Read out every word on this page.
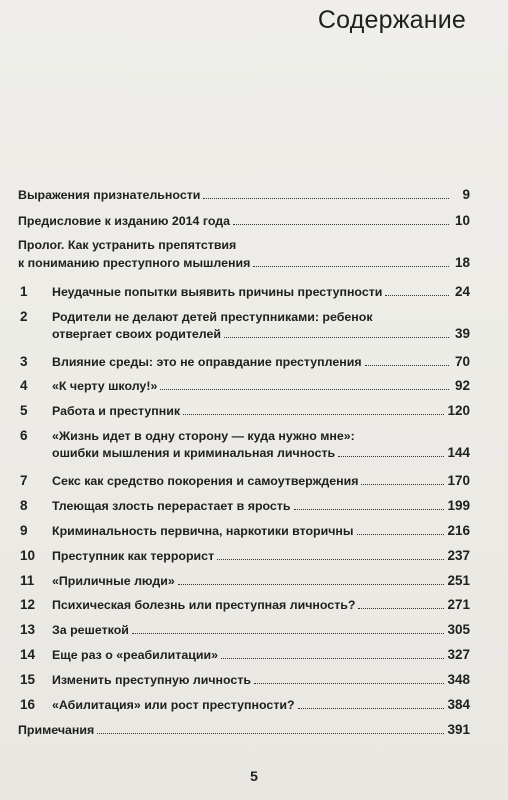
Содержание
Выражения признательности	9
Предисловие к изданию 2014 года	10
Пролог. Как устранить препятствия
к пониманию преступного мышления	18
1	Неудачные попытки выявить причины преступности	24
2	Родители не делают детей преступниками: ребенок
отвергает своих родителей	39
3	Влияние среды: это не оправдание преступления	70
4	«К черту школу!»	92
5	Работа и преступник	120
6	«Жизнь идет в одну сторону — куда нужно мне»:
ошибки мышления и криминальная личность	144
7	Секс как средство покорения и самоутверждения	170
8	Тлеющая злость перерастает в ярость	199
9	Криминальность первична, наркотики вторичны	216
10	Преступник как террорист	237
11	«Приличные люди»	251
12	Психическая болезнь или преступная личность?	271
13	За решеткой	305
14	Еще раз о «реабилитации»	327
15	Изменить преступную личность	348
16	«Абилитация» или рост преступности?	384
Примечания	391
5
